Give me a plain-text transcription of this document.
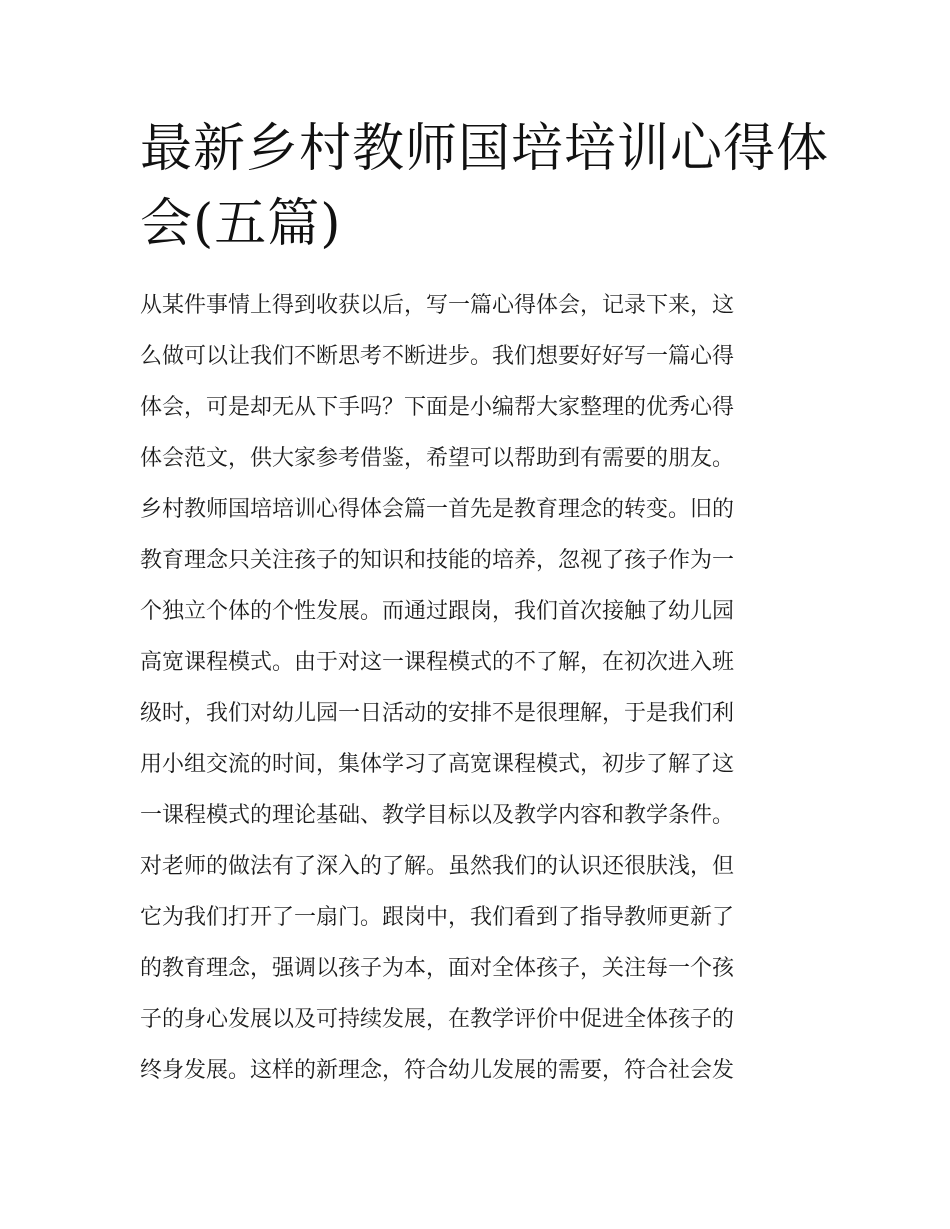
最新乡村教师国培培训心得体
会(五篇)
从某件事情上得到收获以后，写一篇心得体会，记录下来，这
么做可以让我们不断思考不断进步。我们想要好好写一篇心得
体会，可是却无从下手吗？下面是小编帮大家整理的优秀心得
体会范文，供大家参考借鉴，希望可以帮助到有需要的朋友。
乡村教师国培培训心得体会篇一首先是教育理念的转变。旧的
教育理念只关注孩子的知识和技能的培养，忽视了孩子作为一
个独立个体的个性发展。而通过跟岗，我们首次接触了幼儿园
高宽课程模式。由于对这一课程模式的不了解，在初次进入班
级时，我们对幼儿园一日活动的安排不是很理解，于是我们利
用小组交流的时间，集体学习了高宽课程模式，初步了解了这
一课程模式的理论基础、教学目标以及教学内容和教学条件。
对老师的做法有了深入的了解。虽然我们的认识还很肤浅，但
它为我们打开了一扇门。跟岗中，我们看到了指导教师更新了
的教育理念，强调以孩子为本，面对全体孩子，关注每一个孩
子的身心发展以及可持续发展，在教学评价中促进全体孩子的
终身发展。这样的新理念，符合幼儿发展的需要，符合社会发
